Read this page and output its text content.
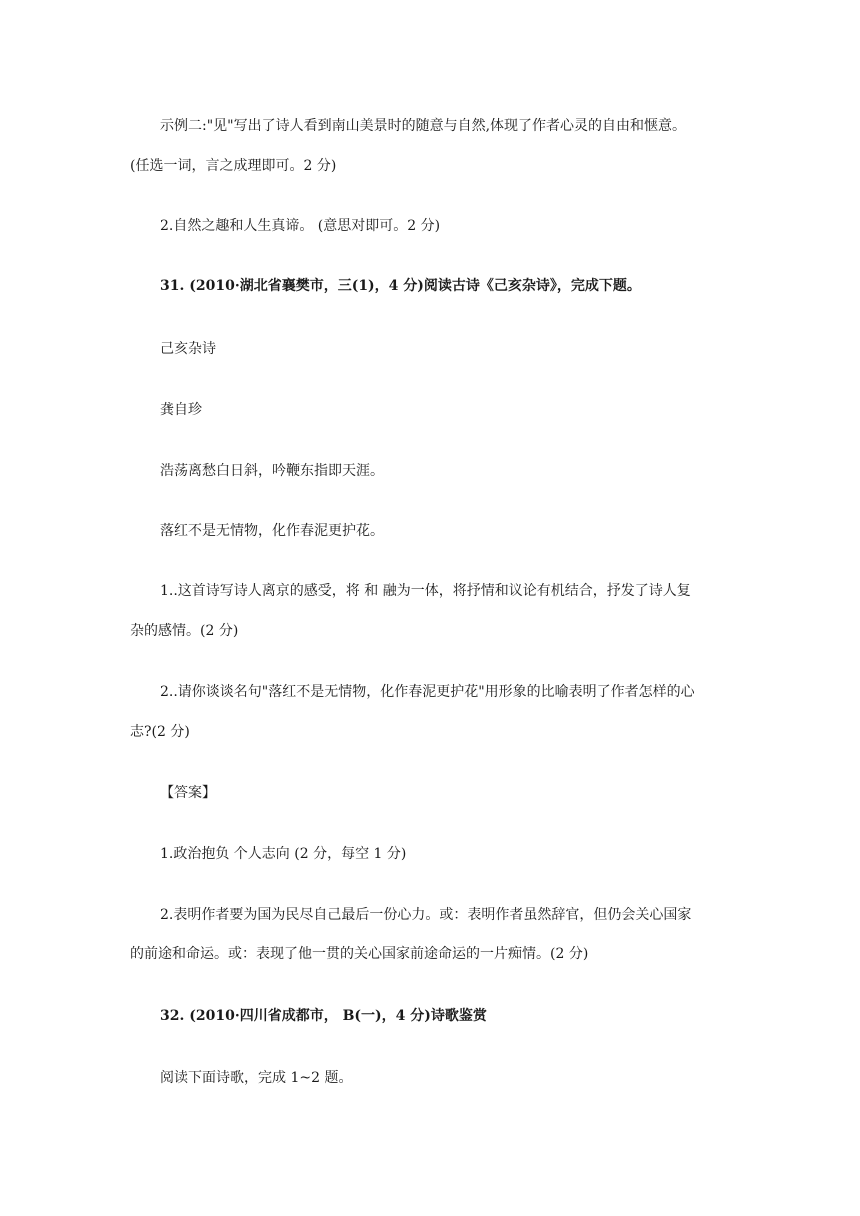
示例二:"见"写出了诗人看到南山美景时的随意与自然,体现了作者心灵的自由和惬意。
(任选一词，言之成理即可。2 分)
2.自然之趣和人生真谛。 (意思对即可。2 分)
31. (2010·湖北省襄樊市，三(1)，4 分)阅读古诗《己亥杂诗》，完成下题。
己亥杂诗
龚自珍
浩荡离愁白日斜，吟鞭东指即天涯。
落红不是无情物，化作春泥更护花。
1..这首诗写诗人离京的感受，将 和 融为一体，将抒情和议论有机结合，抒发了诗人复
杂的感情。(2 分)
2..请你谈谈名句"落红不是无情物，化作春泥更护花"用形象的比喻表明了作者怎样的心
志?(2 分)
【答案】
1.政治抱负 个人志向 (2 分，每空 1 分)
2.表明作者要为国为民尽自己最后一份心力。或：表明作者虽然辞官，但仍会关心国家
的前途和命运。或：表现了他一贯的关心国家前途命运的一片痴情。(2 分)
32. (2010·四川省成都市， B(一)，4 分)诗歌鉴赏
阅读下面诗歌，完成 1~2 题。
